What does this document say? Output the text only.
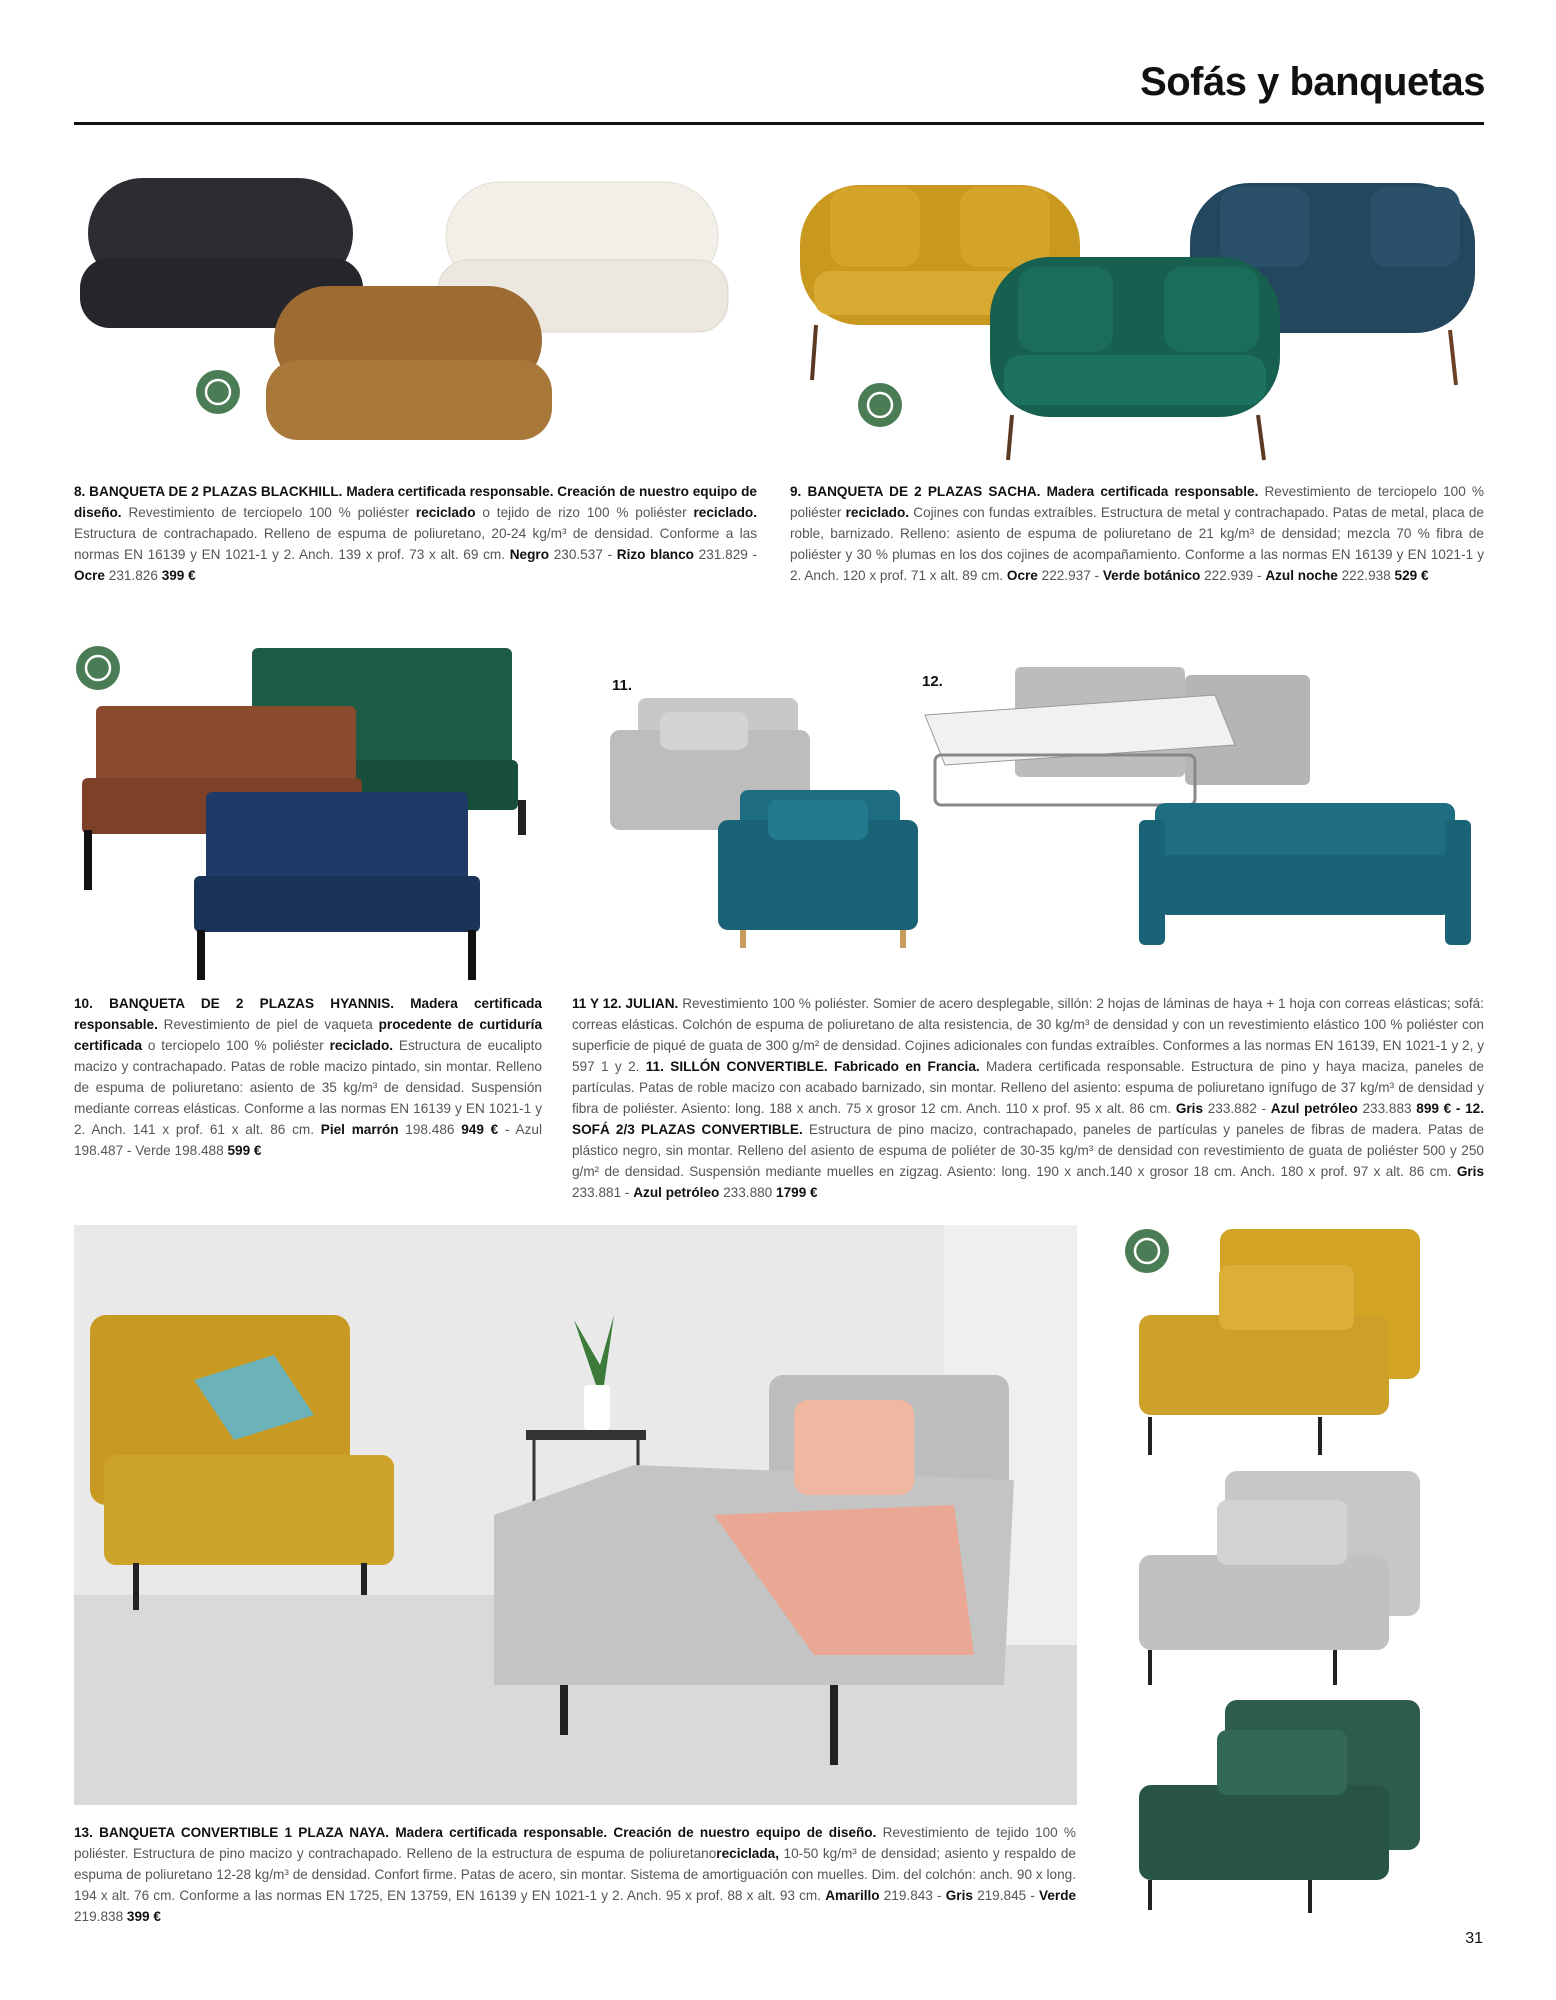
Sofás y banquetas
8. BANQUETA DE 2 PLAZAS BLACKHILL. Madera certificada responsable. Creación de nuestro equipo de diseño. Revestimiento de terciopelo 100 % poliéster reciclado o tejido de rizo 100 % poliéster reciclado. Estructura de contrachapado. Relleno de espuma de poliuretano, 20-24 kg/m³ de densidad. Conforme a las normas EN 16139 y EN 1021-1 y 2. Anch. 139 x prof. 73 x alt. 69 cm. Negro 230.537 - Rizo blanco 231.829 - Ocre 231.826 399 €
9. BANQUETA DE 2 PLAZAS SACHA. Madera certificada responsable. Revestimiento de terciopelo 100 % poliéster reciclado. Cojines con fundas extraíbles. Estructura de metal y contrachapado. Patas de metal, placa de roble, barnizado. Relleno: asiento de espuma de poliuretano de 21 kg/m³ de densidad; mezcla 70 % fibra de poliéster y 30 % plumas en los dos cojines de acompañamiento. Conforme a las normas EN 16139 y EN 1021-1 y 2. Anch. 120 x prof. 71 x alt. 89 cm. Ocre 222.937 - Verde botánico 222.939 - Azul noche 222.938 529 €
11.	12.
10. BANQUETA DE 2 PLAZAS HYANNIS. Madera certificada responsable. Revestimiento de piel de vaqueta procedente de curtiduría certificada o terciopelo 100 % poliéster reciclado. Estructura de eucalipto macizo y contrachapado. Patas de roble macizo pintado, sin montar. Relleno de espuma de poliuretano: asiento de 35 kg/m³ de densidad. Suspensión mediante correas elásticas. Conforme a las normas EN 16139 y EN 1021-1 y 2. Anch. 141 x prof. 61 x alt. 86 cm. Piel marrón 198.486 949 € - Azul 198.487 - Verde 198.488 599 €
11 Y 12. JULIAN. Revestimiento 100 % poliéster. Somier de acero desplegable, sillón: 2 hojas de láminas de haya + 1 hoja con correas elásticas; sofá: correas elásticas. Colchón de espuma de poliuretano de alta resistencia, de 30 kg/m³ de densidad y con un revestimiento elástico 100 % poliéster con superficie de piqué de guata de 300 g/m² de densidad. Cojines adicionales con fundas extraíbles. Conformes a las normas EN 16139, EN 1021-1 y 2, y 597 1 y 2. 11. SILLÓN CONVERTIBLE. Fabricado en Francia. Madera certificada responsable. Estructura de pino y haya maciza, paneles de partículas. Patas de roble macizo con acabado barnizado, sin montar. Relleno del asiento: espuma de poliuretano ignífugo de 37 kg/m³ de densidad y fibra de poliéster. Asiento: long. 188 x anch. 75 x grosor 12 cm. Anch. 110 x prof. 95 x alt. 86 cm. Gris 233.882 - Azul petróleo 233.883 899 € - 12. SOFÁ 2/3 PLAZAS CONVERTIBLE. Estructura de pino macizo, contrachapado, paneles de partículas y paneles de fibras de madera. Patas de plástico negro, sin montar. Relleno del asiento de espuma de poliéter de 30-35 kg/m³ de densidad con revestimiento de guata de poliéster 500 y 250 g/m² de densidad. Suspensión mediante muelles en zigzag. Asiento: long. 190 x anch.140 x grosor 18 cm. Anch. 180 x prof. 97 x alt. 86 cm. Gris 233.881 - Azul petróleo 233.880 1799 €
13. BANQUETA CONVERTIBLE 1 PLAZA NAYA. Madera certificada responsable. Creación de nuestro equipo de diseño. Revestimiento de tejido 100 % poliéster. Estructura de pino macizo y contrachapado. Relleno de la estructura de espuma de poliuretanoreciclada, 10-50 kg/m³ de densidad; asiento y respaldo de espuma de poliuretano 12-28 kg/m³ de densidad. Confort firme. Patas de acero, sin montar. Sistema de amortiguación con muelles. Dim. del colchón: anch. 90 x long. 194 x alt. 76 cm. Conforme a las normas EN 1725, EN 13759, EN 16139 y EN 1021-1 y 2. Anch. 95 x prof. 88 x alt. 93 cm. Amarillo 219.843 - Gris 219.845 - Verde 219.838 399 €
31
